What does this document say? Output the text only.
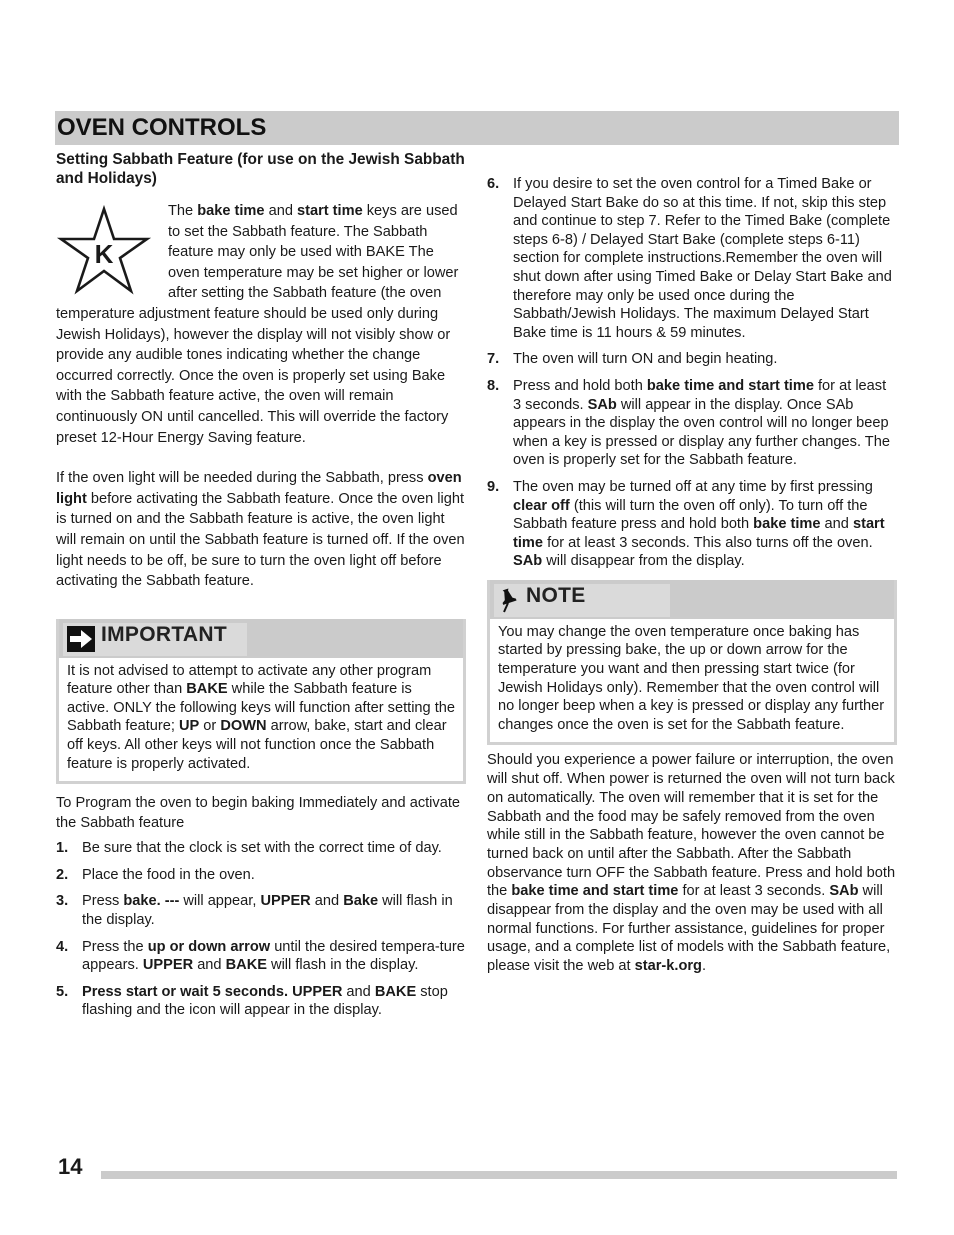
OVEN CONTROLS
Setting Sabbath Feature (for use on the Jewish Sabbath and Holidays)
K

The bake time and start time keys are used to set the Sabbath feature. The Sabbath feature may only be used with BAKE The oven temperature may be set higher or lower after setting the Sabbath feature (the oven temperature adjustment feature should be used only during Jewish Holidays), however the display will not visibly show or provide any audible tones indicating whether the change occurred correctly. Once the oven is properly set using Bake with the Sabbath feature active, the oven will remain continuously ON until cancelled. This will override the factory preset 12-Hour Energy Saving feature.

If the oven light will be needed during the Sabbath, press oven light before activating the Sabbath feature. Once the oven light is turned on and the Sabbath feature is active, the oven light will remain on until the Sabbath feature is turned off. If the oven light needs to be off, be sure to turn the oven light off before activating the Sabbath feature.

IMPORTANT
It is not advised to attempt to activate any other program feature other than BAKE while the Sabbath feature is active. ONLY the following keys will function after setting the Sabbath feature; UP or DOWN arrow, bake, start and clear off keys. All other keys will not function once the Sabbath feature is properly activated.

To Program the oven to begin baking Immediately and activate the Sabbath feature

1. Be sure that the clock is set with the correct time of day.
2. Place the food in the oven.
3. Press bake. --- will appear, UPPER and Bake will flash in the display.
4. Press the up or down arrow until the desired tempera-ture appears. UPPER and BAKE will flash in the display.
5. Press start or wait 5 seconds. UPPER and BAKE stop flashing and the icon will appear in the display.
6. If you desire to set the oven control for a Timed Bake or Delayed Start Bake do so at this time. If not, skip this step and continue to step 7. Refer to the Timed Bake (complete steps 6-8) / Delayed Start Bake (complete steps 6-11) section for complete instructions.Remember the oven will shut down after using Timed Bake or Delay Start Bake and therefore may only be used once during the Sabbath/Jewish Holidays. The maximum Delayed Start Bake time is 11 hours & 59 minutes.
7. The oven will turn ON and begin heating.
8. Press and hold both bake time and start time for at least 3 seconds. SAb will appear in the display. Once SAb appears in the display the oven control will no longer beep when a key is pressed or display any further changes. The oven is properly set for the Sabbath feature.
9. The oven may be turned off at any time by first pressing clear off (this will turn the oven off only). To turn off the Sabbath feature press and hold both bake time and start time for at least 3 seconds. This also turns off the oven. SAb will disappear from the display.
NOTE
You may change the oven temperature once baking has started by pressing bake, the up or down arrow for the temperature you want and then pressing start twice (for Jewish Holidays only). Remember that the oven control will no longer beep when a key is pressed or display any further changes once the oven is set for the Sabbath feature.

Should you experience a power failure or interruption, the oven will shut off. When power is returned the oven will not turn back on automatically. The oven will remember that it is set for the Sabbath and the food may be safely removed from the oven while still in the Sabbath feature, however the oven cannot be turned back on until after the Sabbath. After the Sabbath observance turn OFF the Sabbath feature. Press and hold both the bake time and start time for at least 3 seconds. SAb will disappear from the display and the oven may be used with all normal functions. For further assistance, guidelines for proper usage, and a complete list of models with the Sabbath feature, please visit the web at star-k.org.

14
